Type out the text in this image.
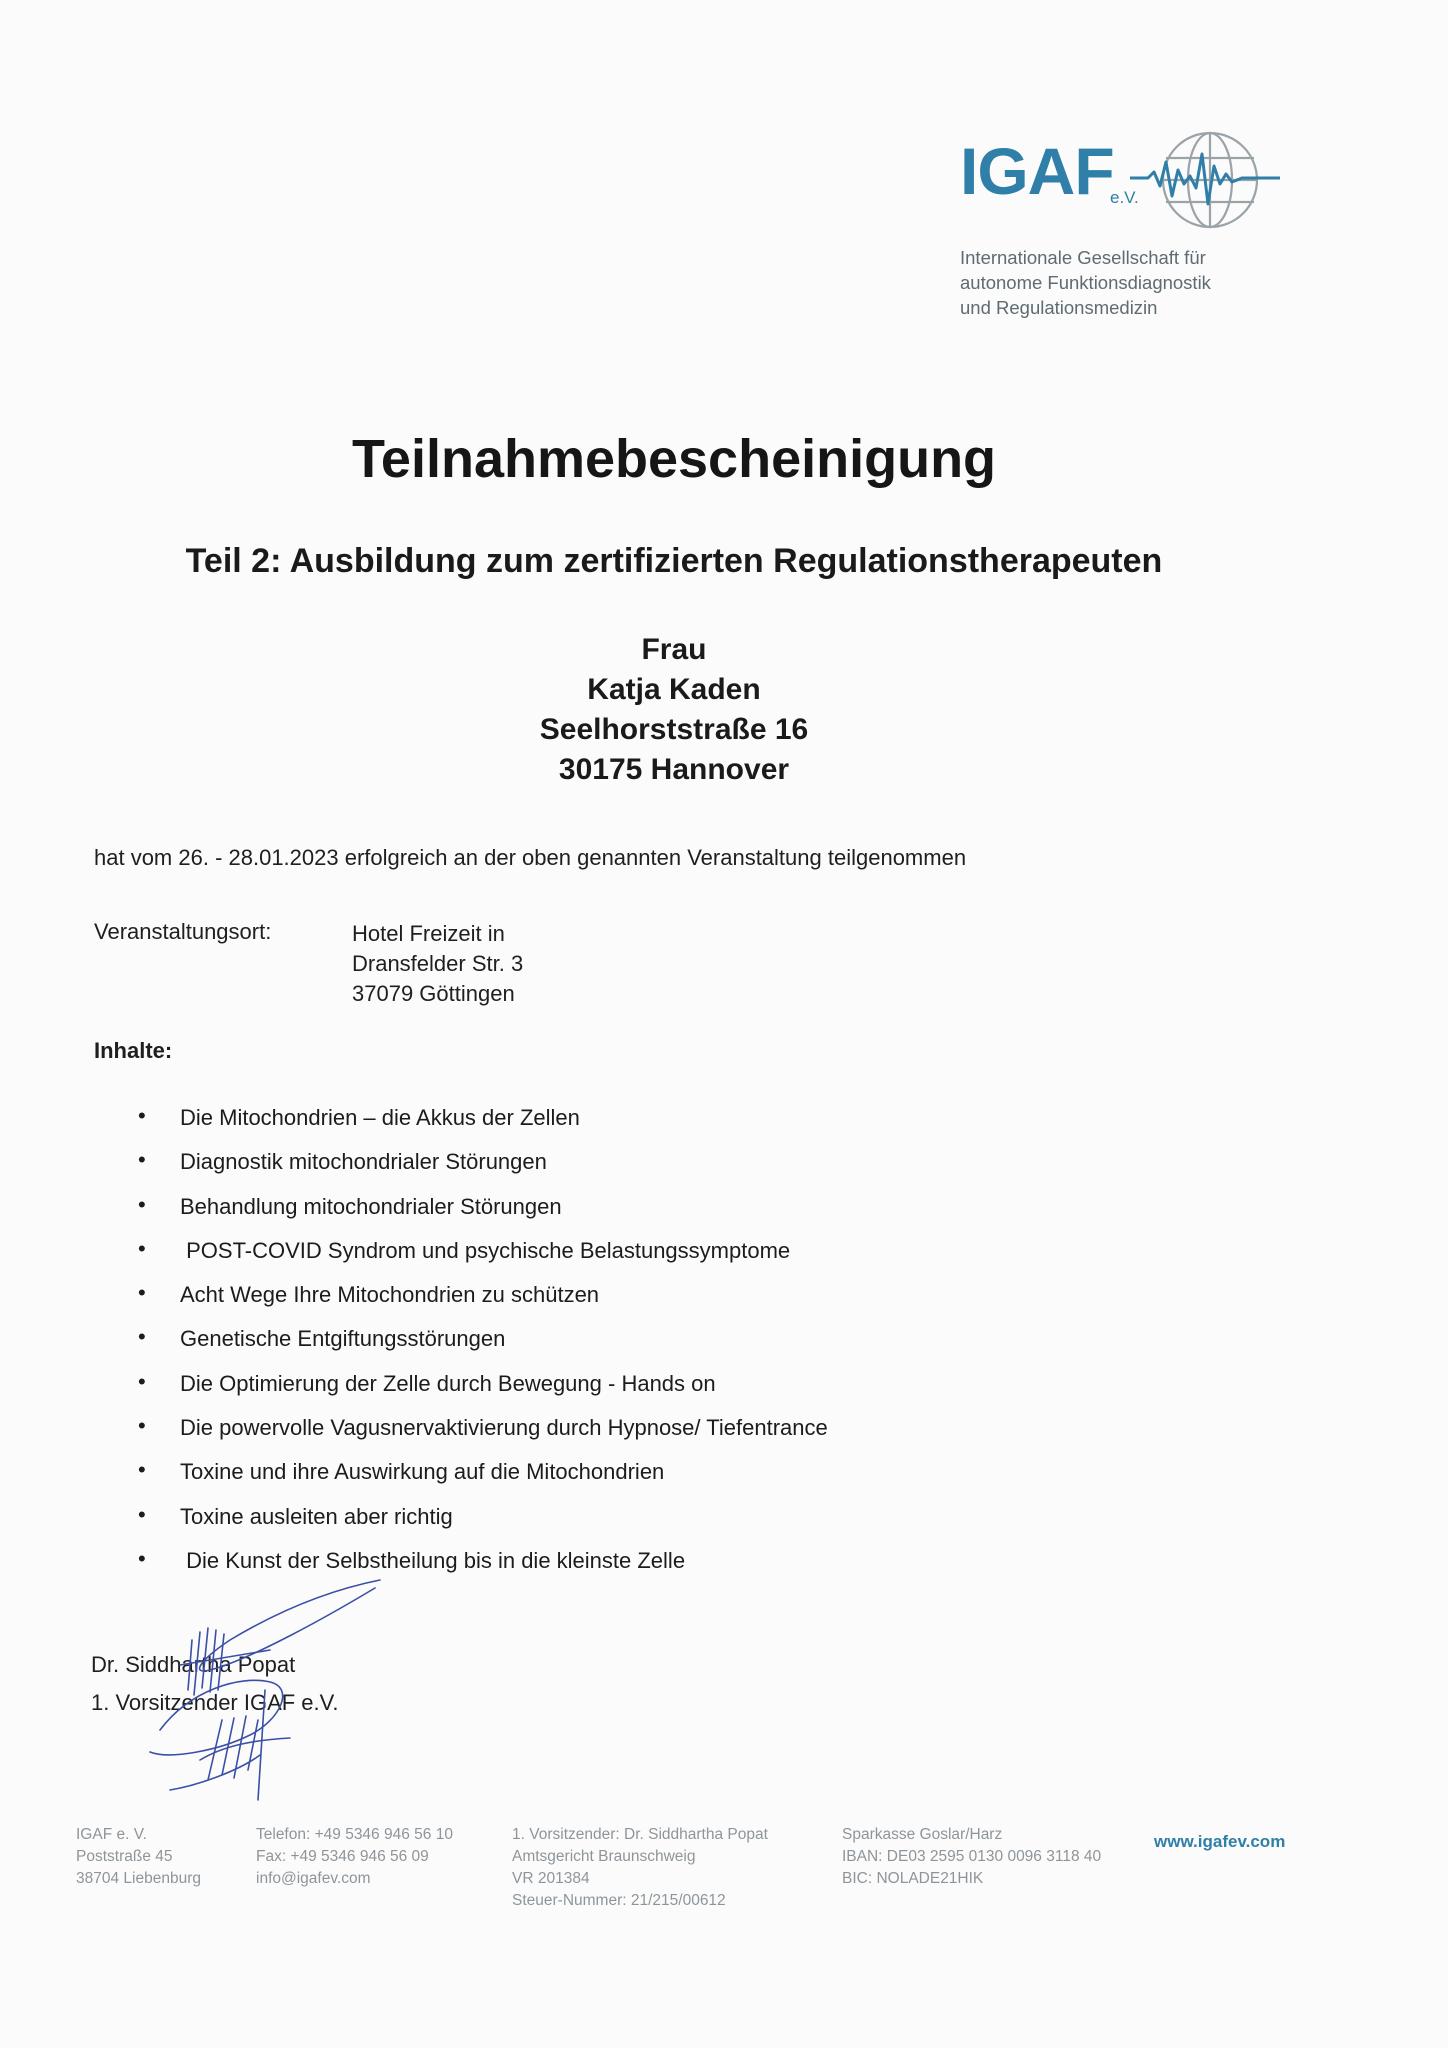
IGAF
e.V.
Internationale Gesellschaft für
autonome Funktionsdiagnostik
und Regulationsmedizin
Teilnahmebescheinigung
Teil 2: Ausbildung zum zertifizierten Regulationstherapeuten
Frau
Katja Kaden
Seelhorststraße 16
30175 Hannover
hat vom 26. - 28.01.2023 erfolgreich an der oben genannten Veranstaltung teilgenommen
Veranstaltungsort:	Hotel Freizeit in
Dransfelder Str. 3
37079 Göttingen
Inhalte:
• Die Mitochondrien – die Akkus der Zellen
• Diagnostik mitochondrialer Störungen
• Behandlung mitochondrialer Störungen
• POST-COVID Syndrom und psychische Belastungssymptome
• Acht Wege Ihre Mitochondrien zu schützen
• Genetische Entgiftungsstörungen
• Die Optimierung der Zelle durch Bewegung - Hands on
• Die powervolle Vagusnervaktivierung durch Hypnose/ Tiefentrance
• Toxine und ihre Auswirkung auf die Mitochondrien
• Toxine ausleiten aber richtig
• Die Kunst der Selbstheilung bis in die kleinste Zelle
Dr. Siddhartha Popat
1. Vorsitzender IGAF e.V.
IGAF e. V.
Poststraße 45
38704 Liebenburg
Telefon: +49 5346 946 56 10
Fax: +49 5346 946 56 09
info@igafev.com
1. Vorsitzender: Dr. Siddhartha Popat
Amtsgericht Braunschweig
VR 201384
Steuer-Nummer: 21/215/00612
Sparkasse Goslar/Harz
IBAN: DE03 2595 0130 0096 3118 40
BIC: NOLADE21HIK
www.igafev.com
